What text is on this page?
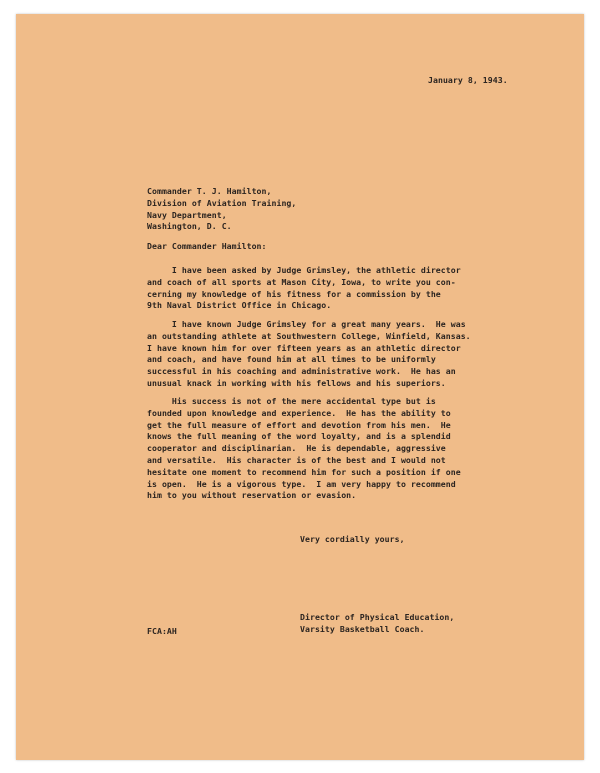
January 8, 1943.
Commander T. J. Hamilton,
Division of Aviation Training,
Navy Department,
Washington, D. C.
Dear Commander Hamilton:
I have been asked by Judge Grimsley, the athletic director
and coach of all sports at Mason City, Iowa, to write you con-
cerning my knowledge of his fitness for a commission by the
9th Naval District Office in Chicago.
I have known Judge Grimsley for a great many years.  He was
an outstanding athlete at Southwestern College, Winfield, Kansas.
I have known him for over fifteen years as an athletic director
and coach, and have found him at all times to be uniformly
successful in his coaching and administrative work.  He has an
unusual knack in working with his fellows and his superiors.
His success is not of the mere accidental type but is
founded upon knowledge and experience.  He has the ability to
get the full measure of effort and devotion from his men.  He
knows the full meaning of the word loyalty, and is a splendid
cooperator and disciplinarian.  He is dependable, aggressive
and versatile.  His character is of the best and I would not
hesitate one moment to recommend him for such a position if one
is open.  He is a vigorous type.  I am very happy to recommend
him to you without reservation or evasion.
Very cordially yours,
Director of Physical Education,
Varsity Basketball Coach.
FCA:AH
